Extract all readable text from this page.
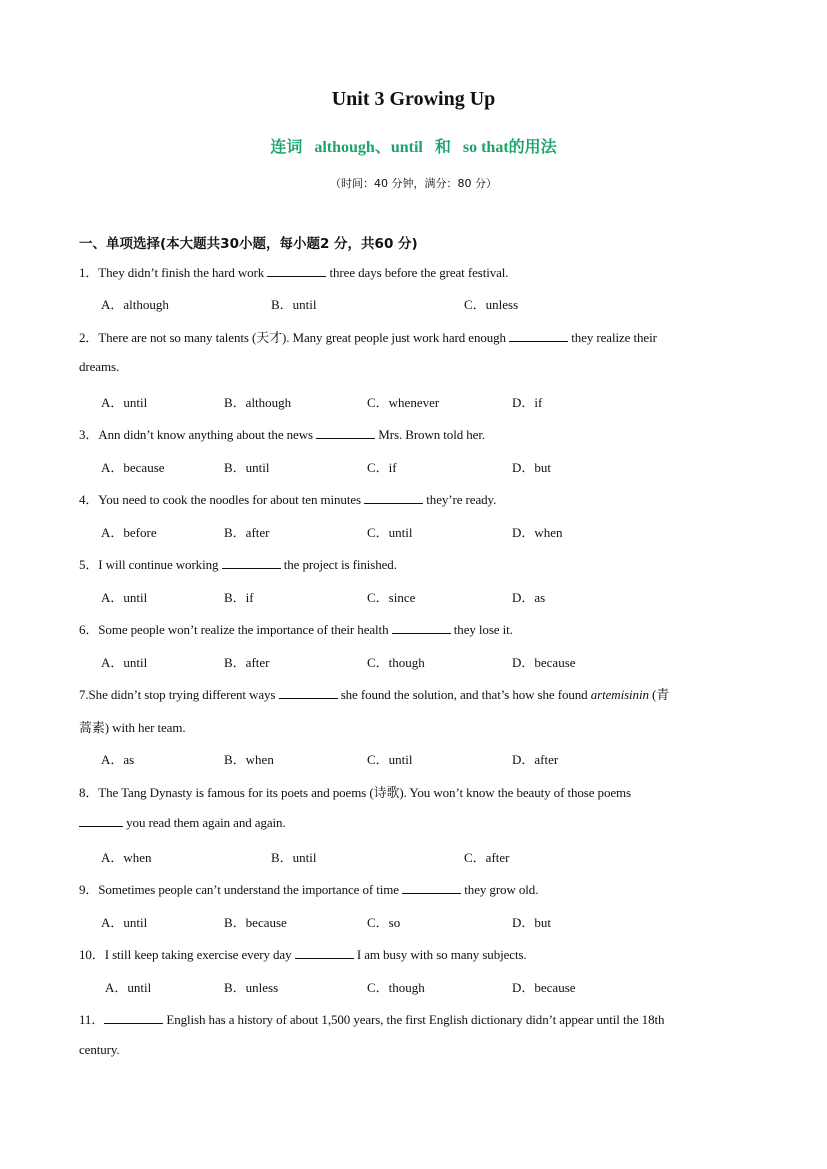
Unit 3 Growing Up
连词 although、until 和 so that的用法
（时间：40 分钟，满分：80 分）
一、单项选择(本大题共30小题，每小题2 分，共60 分)
1．They didn’t finish the hard work	three days before the great festival.
A．although	B．until	C．unless
2．There are not so many talents (天才). Many great people just work hard enough	they realize their
dreams.
A．until	B．although	C．whenever	D．if
3．Ann didn’t know anything about the news	Mrs. Brown told her.
A．because	B．until	C．if	D．but
4．You need to cook the noodles for about ten minutes	they’re ready.
A．before	B．after	C．until	D．when
5．I will continue working	the project is finished.
A．until	B．if	C．since	D．as
6．Some people won’t realize the importance of their health	they lose it.
A．until	B．after	C．though	D．because
7.She didn’t stop trying different ways	she found the solution, and that’s how she found artemisinin (青
蒿素) with her team.
A．as	B．when	C．until	D．after
8．The Tang Dynasty is famous for its poets and poems (诗歌). You won’t know the beauty of those poems
you read them again and again.
A．when	B．until	C．after
9．Sometimes people can’t understand the importance of time	they grow old.
A．until	B．because	C．so	D．but
10．I still keep taking exercise every day	I am busy with so many subjects.
A．until	B．unless	C．though	D．because
11．	English has a history of about 1,500 years, the first English dictionary didn’t appear until the 18th
century.
